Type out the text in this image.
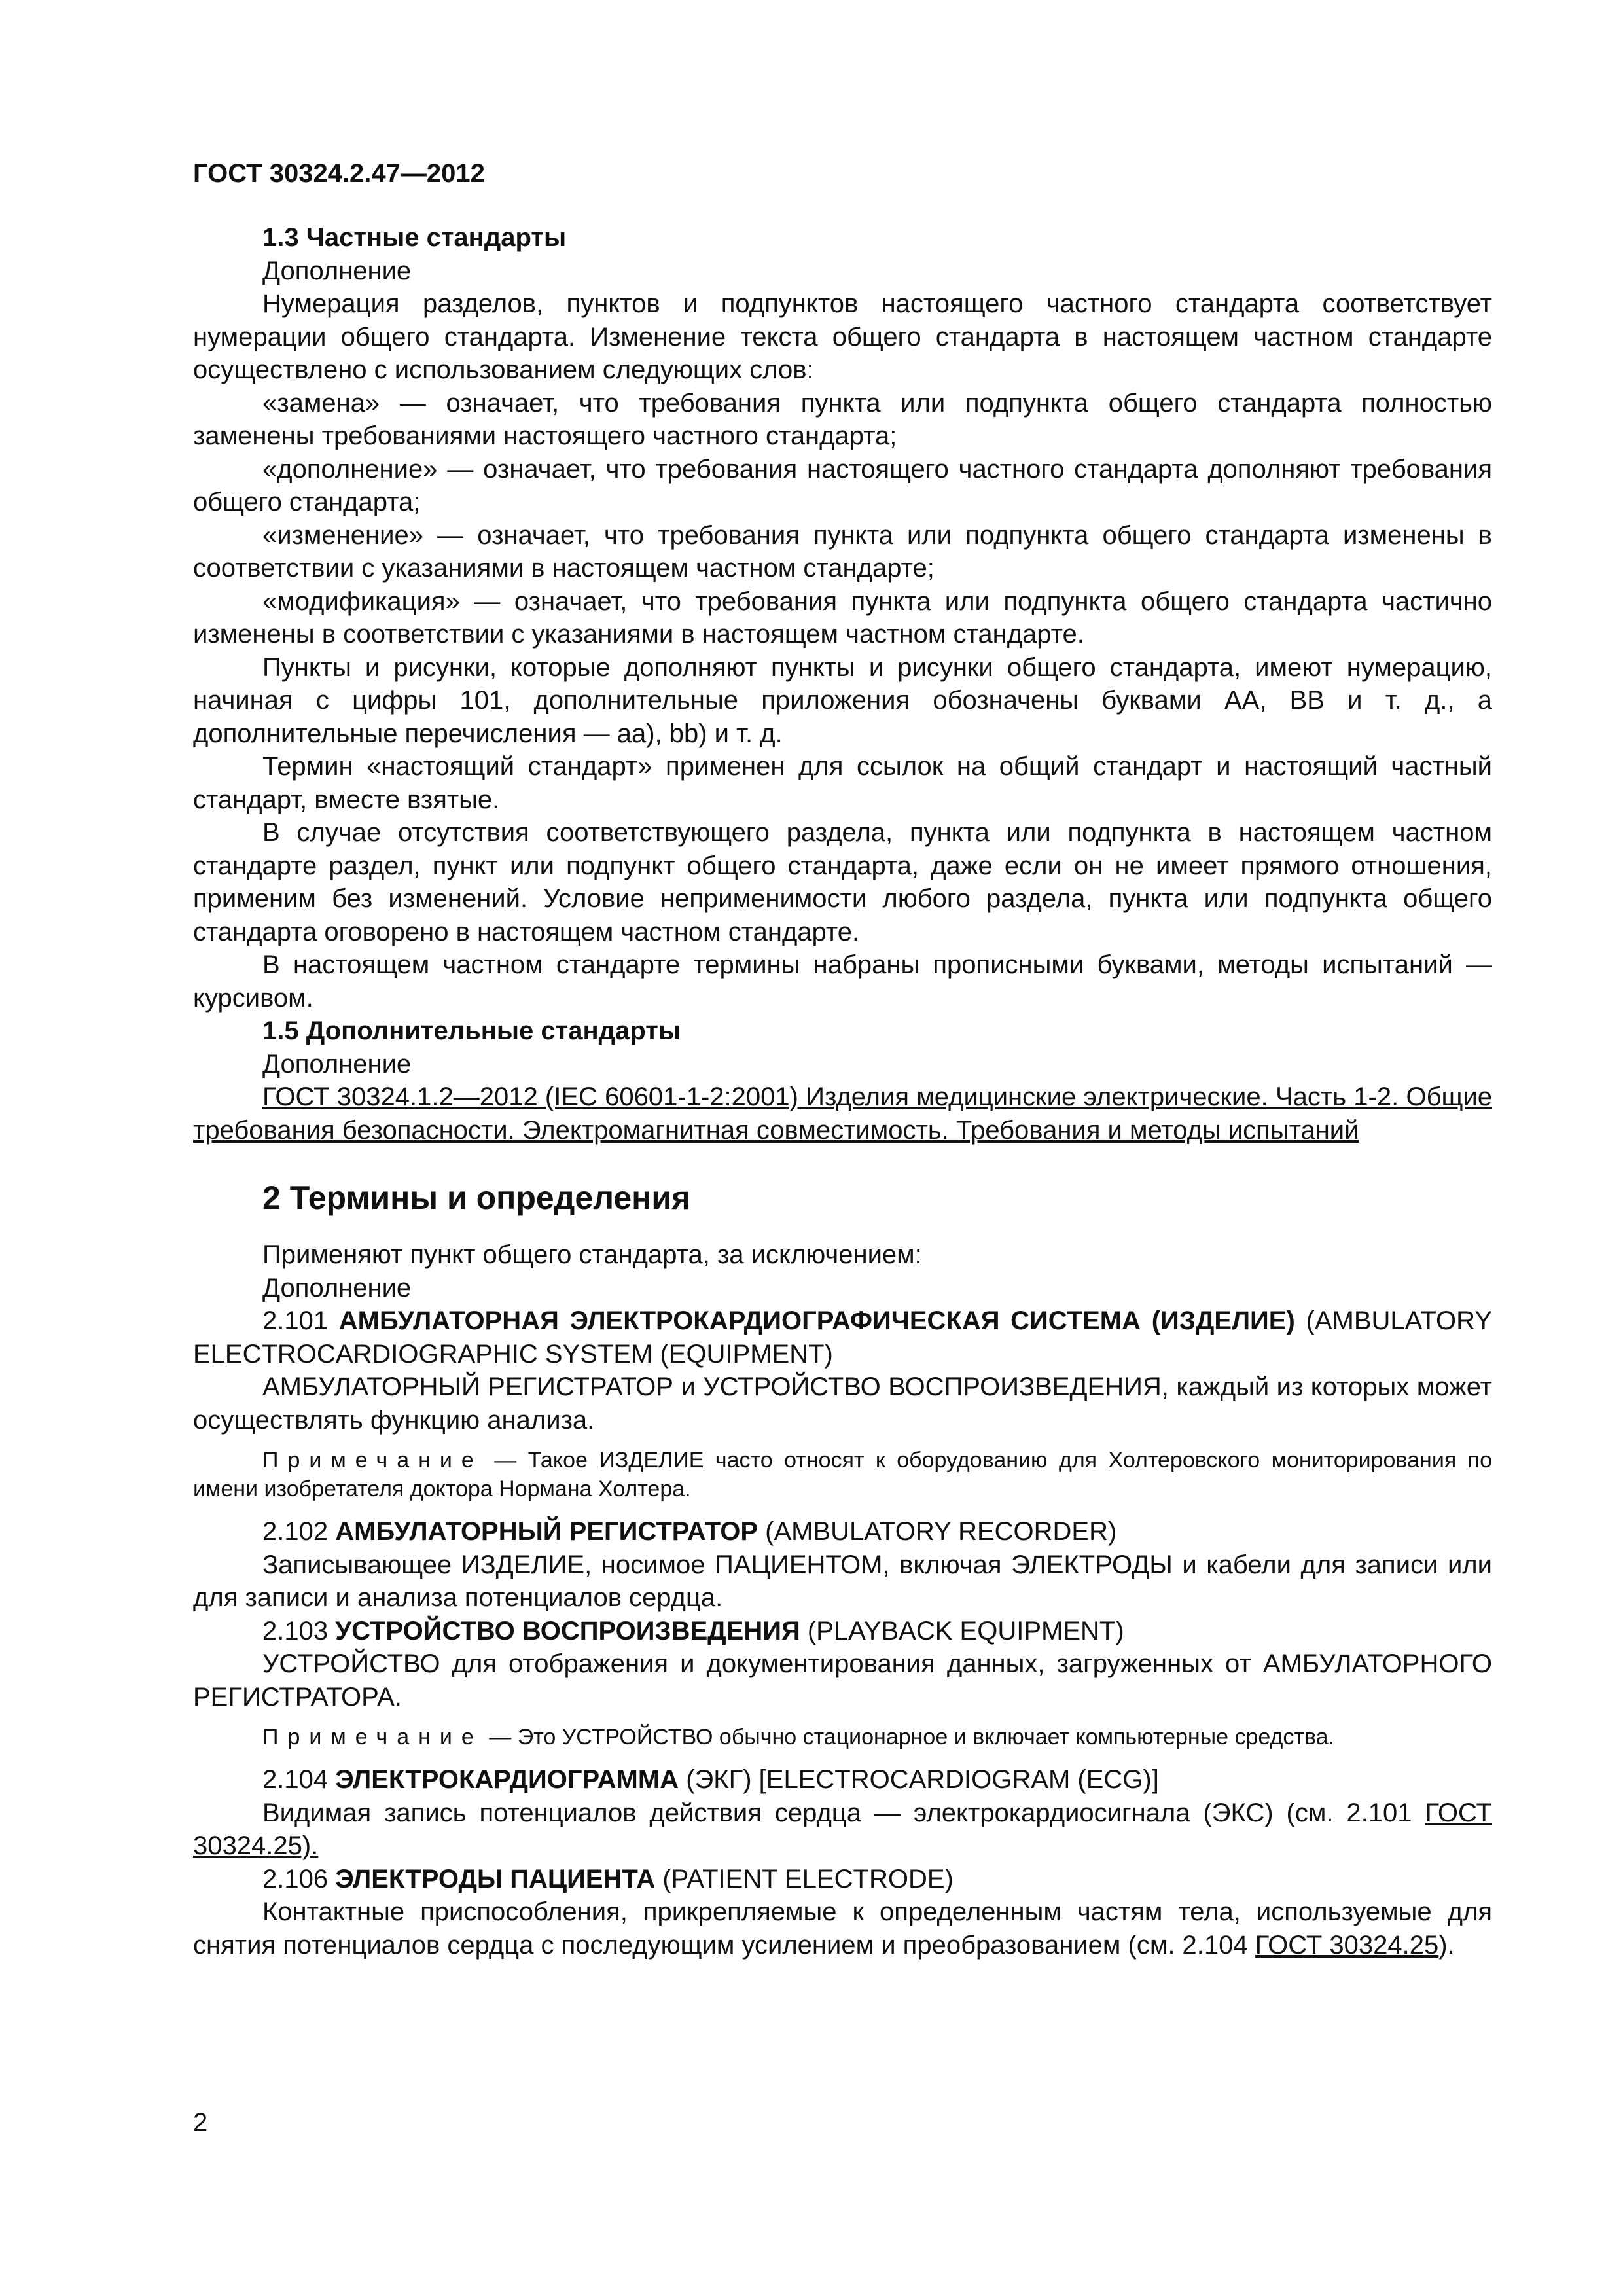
ГОСТ 30324.2.47—2012

1.3 Частные стандарты

Дополнение

Нумерация разделов, пунктов и подпунктов настоящего частного стандарта соответствует нумерации общего стандарта. Изменение текста общего стандарта в настоящем частном стандарте осуществлено с использованием следующих слов:

«замена» — означает, что требования пункта или подпункта общего стандарта полностью заменены требованиями настоящего частного стандарта;

«дополнение» — означает, что требования настоящего частного стандарта дополняют требования общего стандарта;

«изменение» — означает, что требования пункта или подпункта общего стандарта изменены в соответствии с указаниями в настоящем частном стандарте;

«модификация» — означает, что требования пункта или подпункта общего стандарта частично изменены в соответствии с указаниями в настоящем частном стандарте.

Пункты и рисунки, которые дополняют пункты и рисунки общего стандарта, имеют нумерацию, начиная с цифры 101, дополнительные приложения обозначены буквами АА, ВВ и т. д., а дополнительные перечисления — аа), bb) и т. д.

Термин «настоящий стандарт» применен для ссылок на общий стандарт и настоящий частный стандарт, вместе взятые.

В случае отсутствия соответствующего раздела, пункта или подпункта в настоящем частном стандарте раздел, пункт или подпункт общего стандарта, даже если он не имеет прямого отношения, применим без изменений. Условие неприменимости любого раздела, пункта или подпункта общего стандарта оговорено в настоящем частном стандарте.

В настоящем частном стандарте термины набраны прописными буквами, методы испытаний — курсивом.

1.5 Дополнительные стандарты

Дополнение

ГОСТ 30324.1.2—2012 (IEC 60601-1-2:2001) Изделия медицинские электрические. Часть 1-2. Общие требования безопасности. Электромагнитная совместимость. Требования и методы испытаний

2 Термины и определения

Применяют пункт общего стандарта, за исключением:

Дополнение

2.101 АМБУЛАТОРНАЯ ЭЛЕКТРОКАРДИОГРАФИЧЕСКАЯ СИСТЕМА (ИЗДЕЛИЕ) (AMBULATORY ELECTROCARDIOGRAPHIC SYSTEM (EQUIPMENT)

АМБУЛАТОРНЫЙ РЕГИСТРАТОР и УСТРОЙСТВО ВОСПРОИЗВЕДЕНИЯ, каждый из которых может осуществлять функцию анализа.

Примечание — Такое ИЗДЕЛИЕ часто относят к оборудованию для Холтеровского мониторирования по имени изобретателя доктора Нормана Холтера.

2.102 АМБУЛАТОРНЫЙ РЕГИСТРАТОР (AMBULATORY RECORDER)

Записывающее ИЗДЕЛИЕ, носимое ПАЦИЕНТОМ, включая ЭЛЕКТРОДЫ и кабели для записи или для записи и анализа потенциалов сердца.

2.103 УСТРОЙСТВО ВОСПРОИЗВЕДЕНИЯ (PLAYBACK EQUIPMENT)

УСТРОЙСТВО для отображения и документирования данных, загруженных от АМБУЛАТОРНОГО РЕГИСТРАТОРА.

Примечание — Это УСТРОЙСТВО обычно стационарное и включает компьютерные средства.

2.104 ЭЛЕКТРОКАРДИОГРАММА (ЭКГ) [ELECTROCARDIOGRAM (ECG)]

Видимая запись потенциалов действия сердца — электрокардиосигнала (ЭКС) (см. 2.101 ГОСТ 30324.25).

2.106 ЭЛЕКТРОДЫ ПАЦИЕНТА (PATIENT ELECTRODE)

Контактные приспособления, прикрепляемые к определенным частям тела, используемые для снятия потенциалов сердца с последующим усилением и преобразованием (см. 2.104 ГОСТ 30324.25).

2
